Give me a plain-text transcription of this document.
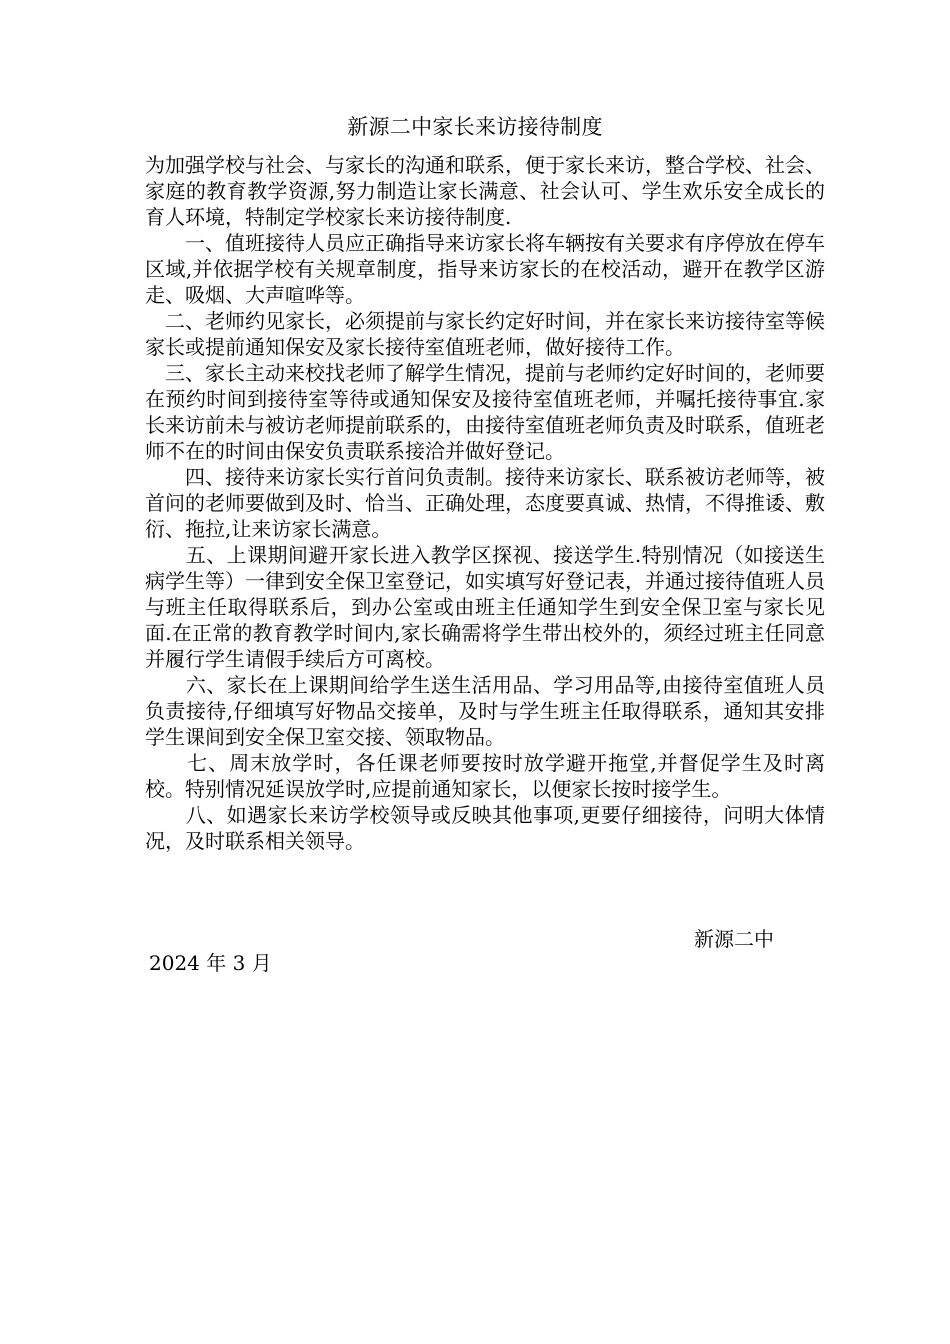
新源二中家长来访接待制度

为加强学校与社会、与家长的沟通和联系，便于家长来访，整合学校、社会、家庭的教育教学资源,努力制造让家长满意、社会认可、学生欢乐安全成长的育人环境，特制定学校家长来访接待制度.

　　一、值班接待人员应正确指导来访家长将车辆按有关要求有序停放在停车区域,并依据学校有关规章制度，指导来访家长的在校活动，避开在教学区游走、吸烟、大声喧哗等。

　二、老师约见家长，必须提前与家长约定好时间，并在家长来访接待室等候家长或提前通知保安及家长接待室值班老师，做好接待工作。

　三、家长主动来校找老师了解学生情况，提前与老师约定好时间的，老师要在预约时间到接待室等待或通知保安及接待室值班老师，并嘱托接待事宜.家长来访前未与被访老师提前联系的，由接待室值班老师负责及时联系，值班老师不在的时间由保安负责联系接洽并做好登记。

　　四、接待来访家长实行首问负责制。接待来访家长、联系被访老师等，被首问的老师要做到及时、恰当、正确处理，态度要真诚、热情，不得推诿、敷衍、拖拉,让来访家长满意。

　　五、上课期间避开家长进入教学区探视、接送学生.特别情况（如接送生病学生等）一律到安全保卫室登记，如实填写好登记表，并通过接待值班人员与班主任取得联系后，到办公室或由班主任通知学生到安全保卫室与家长见面.在正常的教育教学时间内,家长确需将学生带出校外的，须经过班主任同意并履行学生请假手续后方可离校。

　　六、家长在上课期间给学生送生活用品、学习用品等,由接待室值班人员负责接待,仔细填写好物品交接单，及时与学生班主任取得联系，通知其安排学生课间到安全保卫室交接、领取物品。

　　七、周末放学时，各任课老师要按时放学避开拖堂,并督促学生及时离校。特别情况延误放学时,应提前通知家长，以便家长按时接学生。

　　八、如遇家长来访学校领导或反映其他事项,更要仔细接待，问明大体情况，及时联系相关领导。

新源二中
2024 年 3 月
